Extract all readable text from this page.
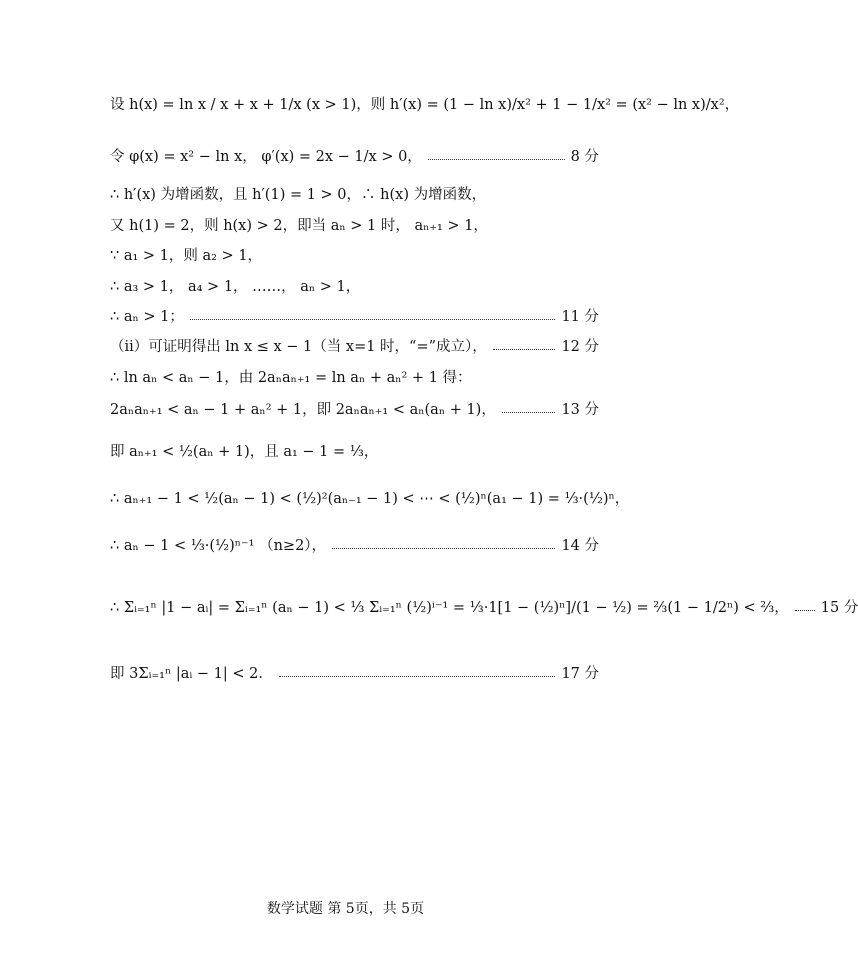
设 h(x) = ln x / x + x + 1/x (x > 1)，则 h′(x) = (1 − ln x)/x² + 1 − 1/x² = (x² − ln x)/x²，
令 φ(x) = x² − ln x， φ′(x) = 2x − 1/x > 0，	8 分
∴ h′(x) 为增函数，且 h′(1) = 1 > 0，∴ h(x) 为增函数，
又 h(1) = 2，则 h(x) > 2，即当 aₙ > 1 时， aₙ₊₁ > 1，
∵ a₁ > 1，则 a₂ > 1，
∴ a₃ > 1， a₄ > 1， ……， aₙ > 1，
∴ aₙ > 1；	11 分
（ii）可证明得出 ln x ≤ x − 1（当 x=1 时，“=”成立），	12 分
∴ ln aₙ < aₙ − 1，由 2aₙaₙ₊₁ = ln aₙ + aₙ² + 1 得：
2aₙaₙ₊₁ < aₙ − 1 + aₙ² + 1，即 2aₙaₙ₊₁ < aₙ(aₙ + 1)，	13 分
即 aₙ₊₁ < ½(aₙ + 1)，且 a₁ − 1 = ⅓，
∴ aₙ₊₁ − 1 < ½(aₙ − 1) < (½)²(aₙ₋₁ − 1) < ⋯ < (½)ⁿ(a₁ − 1) = ⅓·(½)ⁿ，
∴ aₙ − 1 < ⅓·(½)ⁿ⁻¹ （n≥2），	14 分
∴ Σᵢ₌₁ⁿ |1 − aᵢ| = Σᵢ₌₁ⁿ (aₙ − 1) < ⅓ Σᵢ₌₁ⁿ (½)ⁱ⁻¹ = ⅓·1[1 − (½)ⁿ]/(1 − ½) = ⅔(1 − 1/2ⁿ) < ⅔， 15 分
即 3Σᵢ₌₁ⁿ |aᵢ − 1| < 2．	17 分
数学试题 第 5页，共 5页
